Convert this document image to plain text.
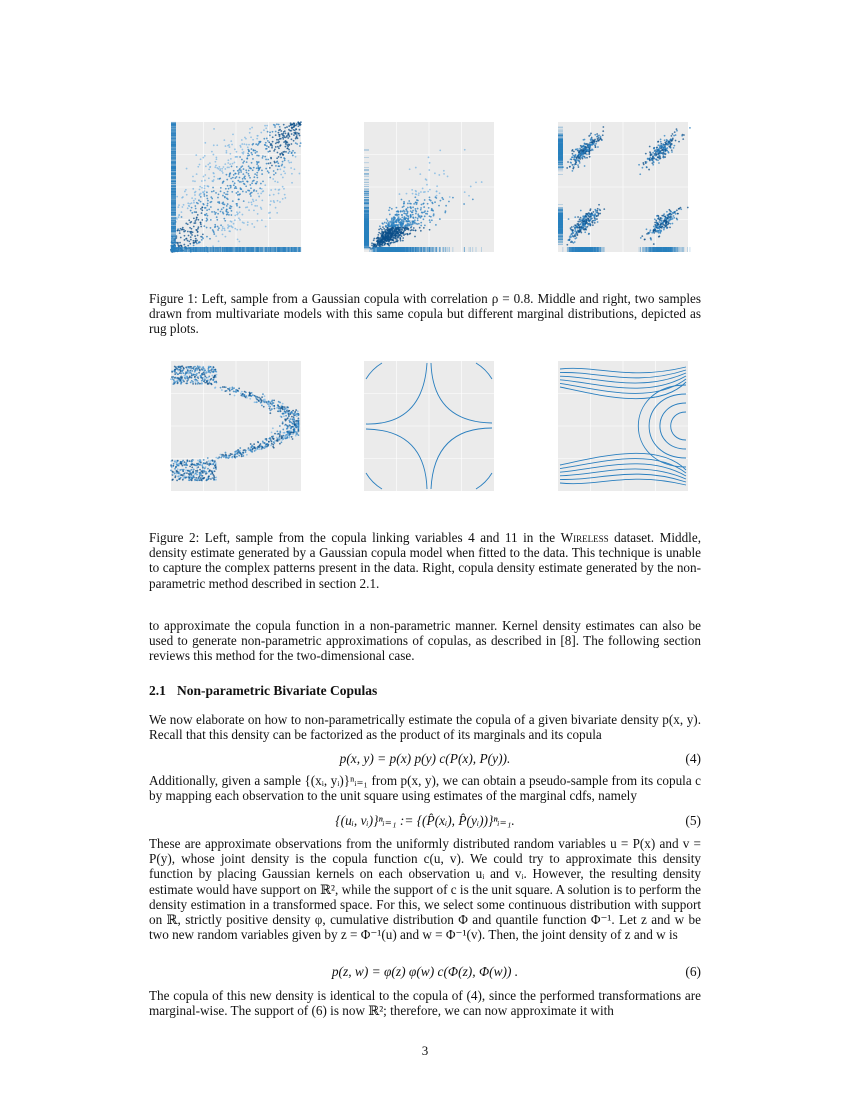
Figure 1: Left, sample from a Gaussian copula with correlation ρ = 0.8. Middle and right, two samples drawn from multivariate models with this same copula but different marginal distributions, depicted as rug plots.
Figure 2: Left, sample from the copula linking variables 4 and 11 in the Wireless dataset. Middle, density estimate generated by a Gaussian copula model when fitted to the data. This technique is unable to capture the complex patterns present in the data. Right, copula density estimate generated by the non-parametric method described in section 2.1.
to approximate the copula function in a non-parametric manner. Kernel density estimates can also be used to generate non-parametric approximations of copulas, as described in [8]. The following section reviews this method for the two-dimensional case.
2.1 Non-parametric Bivariate Copulas
We now elaborate on how to non-parametrically estimate the copula of a given bivariate density p(x, y). Recall that this density can be factorized as the product of its marginals and its copula
p(x, y) = p(x) p(y) c(P(x), P(y)).	(4)
Additionally, given a sample {(xᵢ, yᵢ)}ⁿᵢ₌₁ from p(x, y), we can obtain a pseudo-sample from its copula c by mapping each observation to the unit square using estimates of the marginal cdfs, namely
{(uᵢ, vᵢ)}ⁿᵢ₌₁ := {(P̂(xᵢ), P̂(yᵢ))}ⁿᵢ₌₁.	(5)
These are approximate observations from the uniformly distributed random variables u = P(x) and v = P(y), whose joint density is the copula function c(u, v). We could try to approximate this density function by placing Gaussian kernels on each observation uᵢ and vᵢ. However, the resulting density estimate would have support on ℝ², while the support of c is the unit square. A solution is to perform the density estimation in a transformed space. For this, we select some continuous distribution with support on ℝ, strictly positive density φ, cumulative distribution Φ and quantile function Φ⁻¹. Let z and w be two new random variables given by z = Φ⁻¹(u) and w = Φ⁻¹(v). Then, the joint density of z and w is
p(z, w) = φ(z) φ(w) c(Φ(z), Φ(w)) .	(6)
The copula of this new density is identical to the copula of (4), since the performed transformations are marginal-wise. The support of (6) is now ℝ²; therefore, we can now approximate it with
3
